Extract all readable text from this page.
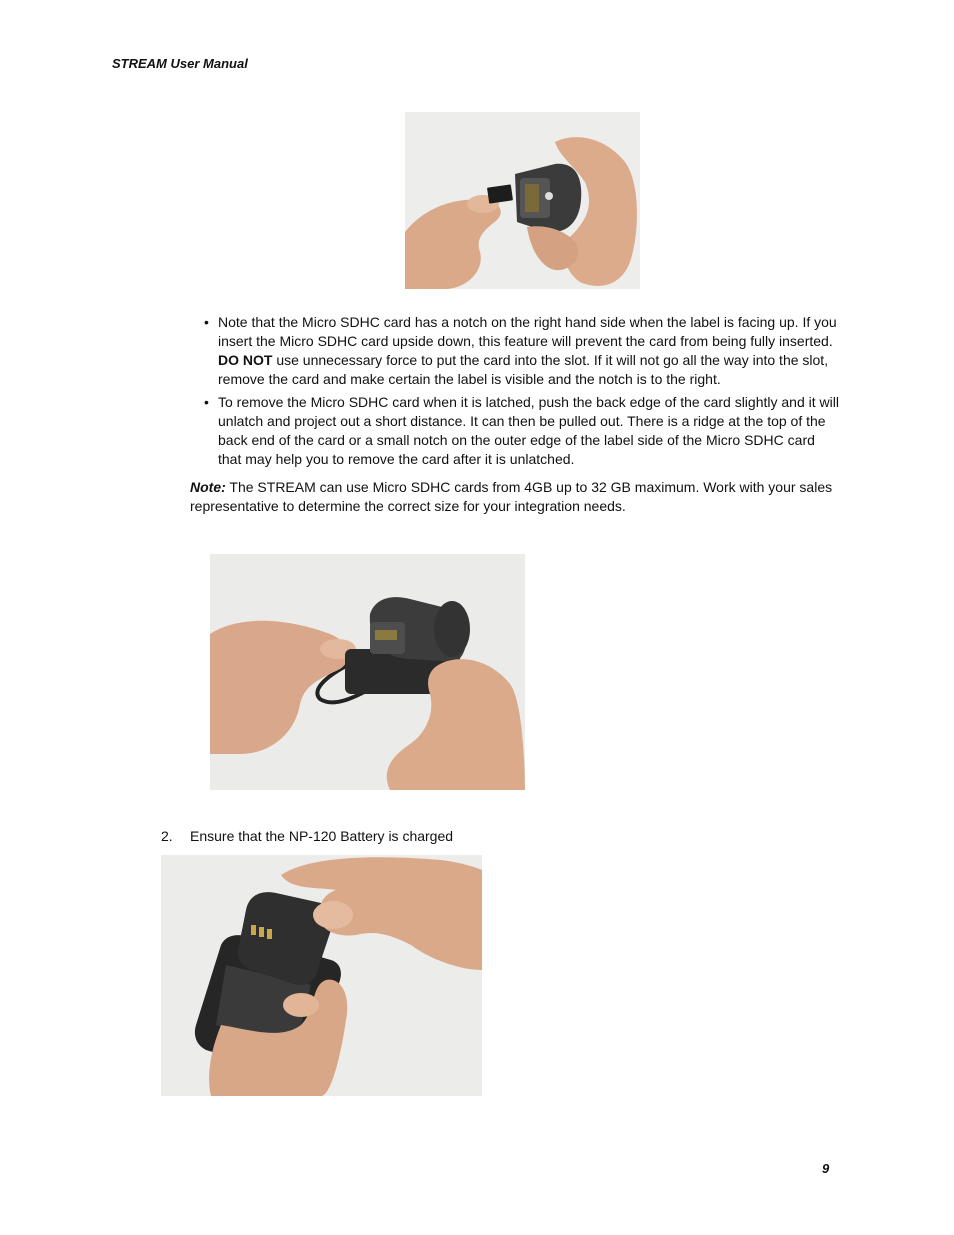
STREAM User Manual
• Note that the Micro SDHC card has a notch on the right hand side when the label is facing up. If you insert the Micro SDHC card upside down, this feature will prevent the card from being fully inserted. DO NOT use unnecessary force to put the card into the slot. If it will not go all the way into the slot, remove the card and make certain the label is visible and the notch is to the right.
• To remove the Micro SDHC card when it is latched, push the back edge of the card slightly and it will unlatch and project out a short distance. It can then be pulled out. There is a ridge at the top of the back end of the card or a small notch on the outer edge of the label side of the Micro SDHC card that may help you to remove the card after it is unlatched.

Note: The STREAM can use Micro SDHC cards from 4GB up to 32 GB maximum. Work with your sales representative to determine the correct size for your integration needs.

2. Ensure that the NP-120 Battery is charged
9
